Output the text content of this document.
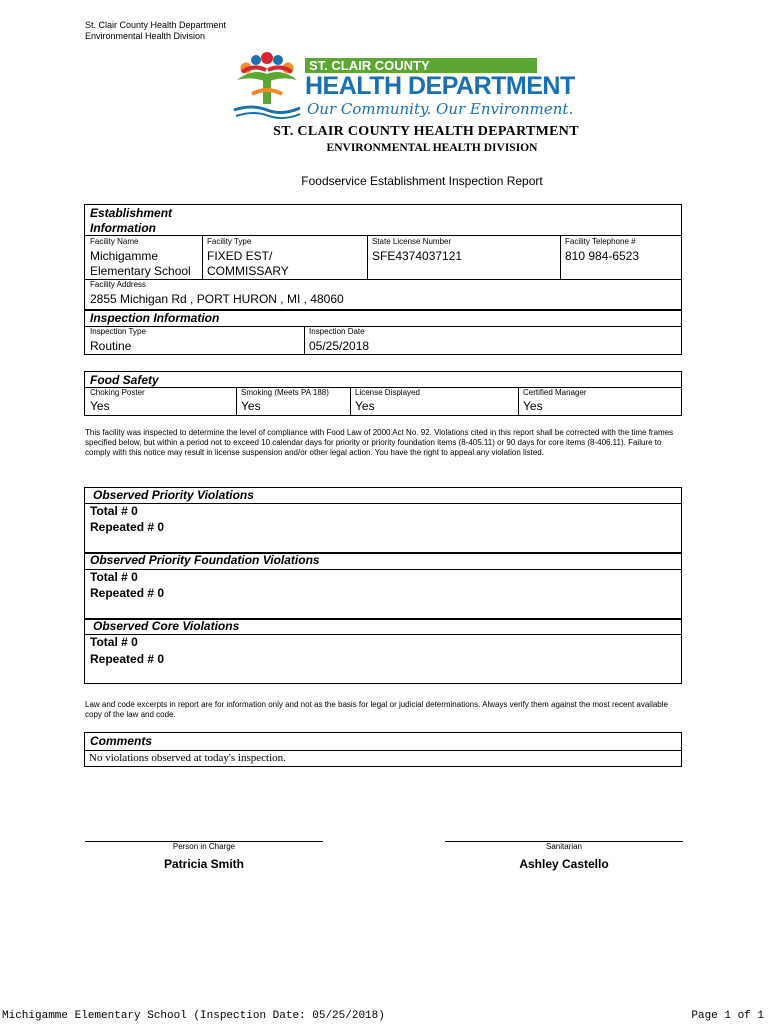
St. Clair County Health Department
Environmental Health Division
ST. CLAIR COUNTY
HEALTH DEPARTMENT
Our Community. Our Environment.
ST. CLAIR COUNTY HEALTH DEPARTMENT
ENVIRONMENTAL HEALTH DIVISION
Foodservice Establishment Inspection Report
Establishment
Information
Facility Name
Michigamme
Elementary School
Facility Type
FIXED EST/
COMMISSARY
State License Number
SFE4374037121
Facility Telephone #
810 984-6523
Facility Address
2855 Michigan Rd , PORT HURON , MI , 48060
Inspection Information
Inspection Type
Routine
Inspection Date
05/25/2018
Food Safety
Choking Poster
Yes
Smoking (Meets PA 188)
Yes
License Displayed
Yes
Certified Manager
Yes
This facility was inspected to determine the level of compliance with Food Law of 2000 Act No. 92. Violations cited in this report shall be corrected with the time frames specified below, but within a period not to exceed 10 calendar days for priority or priority foundation items (8-405.11) or 90 days for core items (8-406.11). Failure to comply with this notice may result in license suspension and/or other legal action. You have the right to appeal any violation listed.
Observed Priority Violations
Total # 0
Repeated # 0
Observed Priority Foundation Violations
Total # 0
Repeated # 0
Observed Core Violations
Total # 0
Repeated # 0
Law and code excerpts in report are for information only and not as the basis for legal or judicial determinations. Always verify them against the most recent available copy of the law and code.
Comments
No violations observed at today's inspection.
Person in Charge
Patricia Smith
Sanitarian
Ashley Castello
Michigamme Elementary School (Inspection Date: 05/25/2018)	Page 1 of 1
